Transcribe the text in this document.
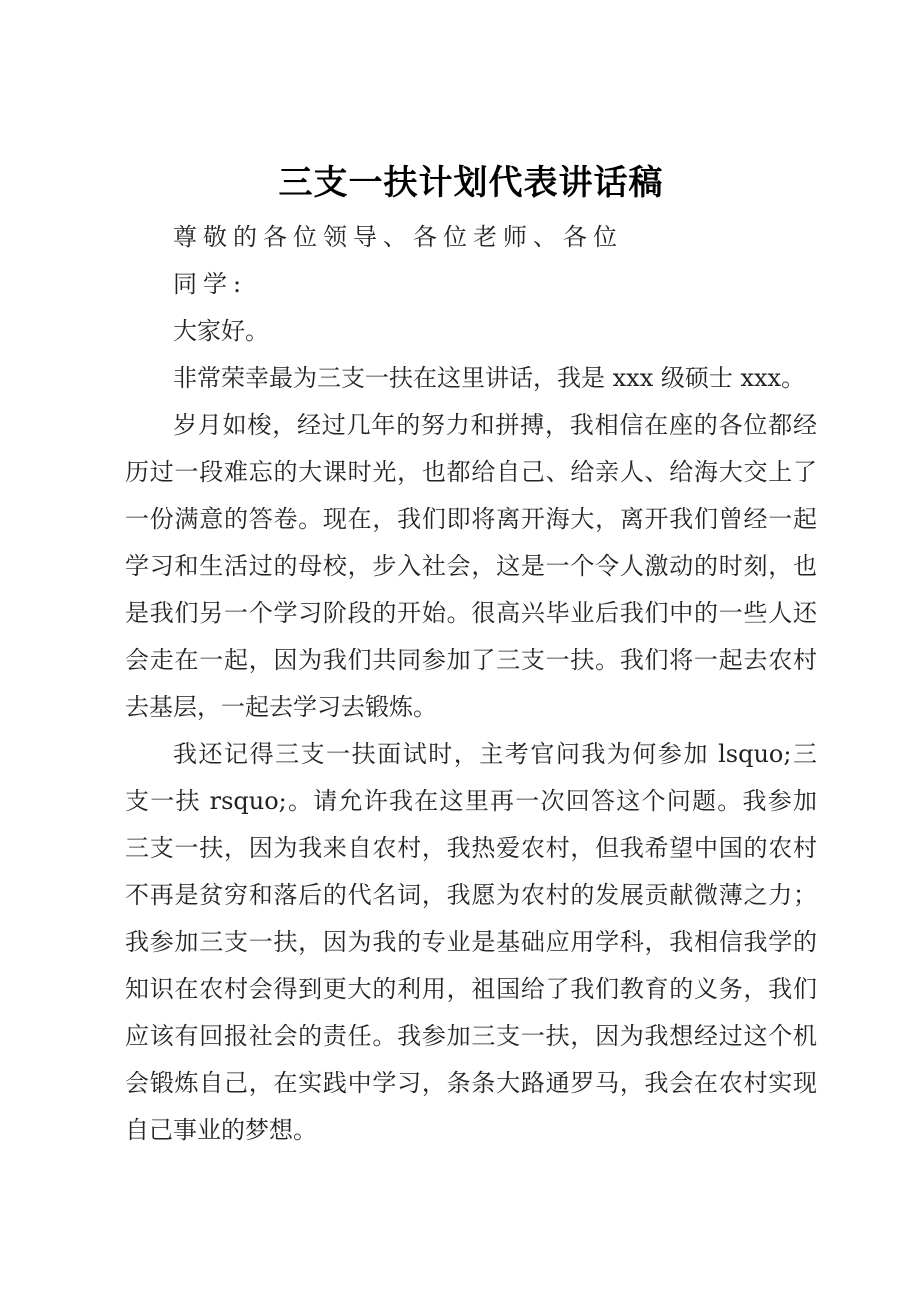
三支一扶计划代表讲话稿
尊敬的各位领导、各位老师、各位
同学:
大家好。
非常荣幸最为三支一扶在这里讲话，我是 xxx 级硕士 xxx。
岁月如梭，经过几年的努力和拼搏，我相信在座的各位都经
历过一段难忘的大课时光，也都给自己、给亲人、给海大交上了
一份满意的答卷。现在，我们即将离开海大，离开我们曾经一起
学习和生活过的母校，步入社会，这是一个令人激动的时刻，也
是我们另一个学习阶段的开始。很高兴毕业后我们中的一些人还
会走在一起，因为我们共同参加了三支一扶。我们将一起去农村
去基层，一起去学习去锻炼。
我还记得三支一扶面试时，主考官问我为何参加 lsquo;三
支一扶 rsquo;。请允许我在这里再一次回答这个问题。我参加
三支一扶，因为我来自农村，我热爱农村，但我希望中国的农村
不再是贫穷和落后的代名词，我愿为农村的发展贡献微薄之力；
我参加三支一扶，因为我的专业是基础应用学科，我相信我学的
知识在农村会得到更大的利用，祖国给了我们教育的义务，我们
应该有回报社会的责任。我参加三支一扶，因为我想经过这个机
会锻炼自己，在实践中学习，条条大路通罗马，我会在农村实现
自己事业的梦想。
